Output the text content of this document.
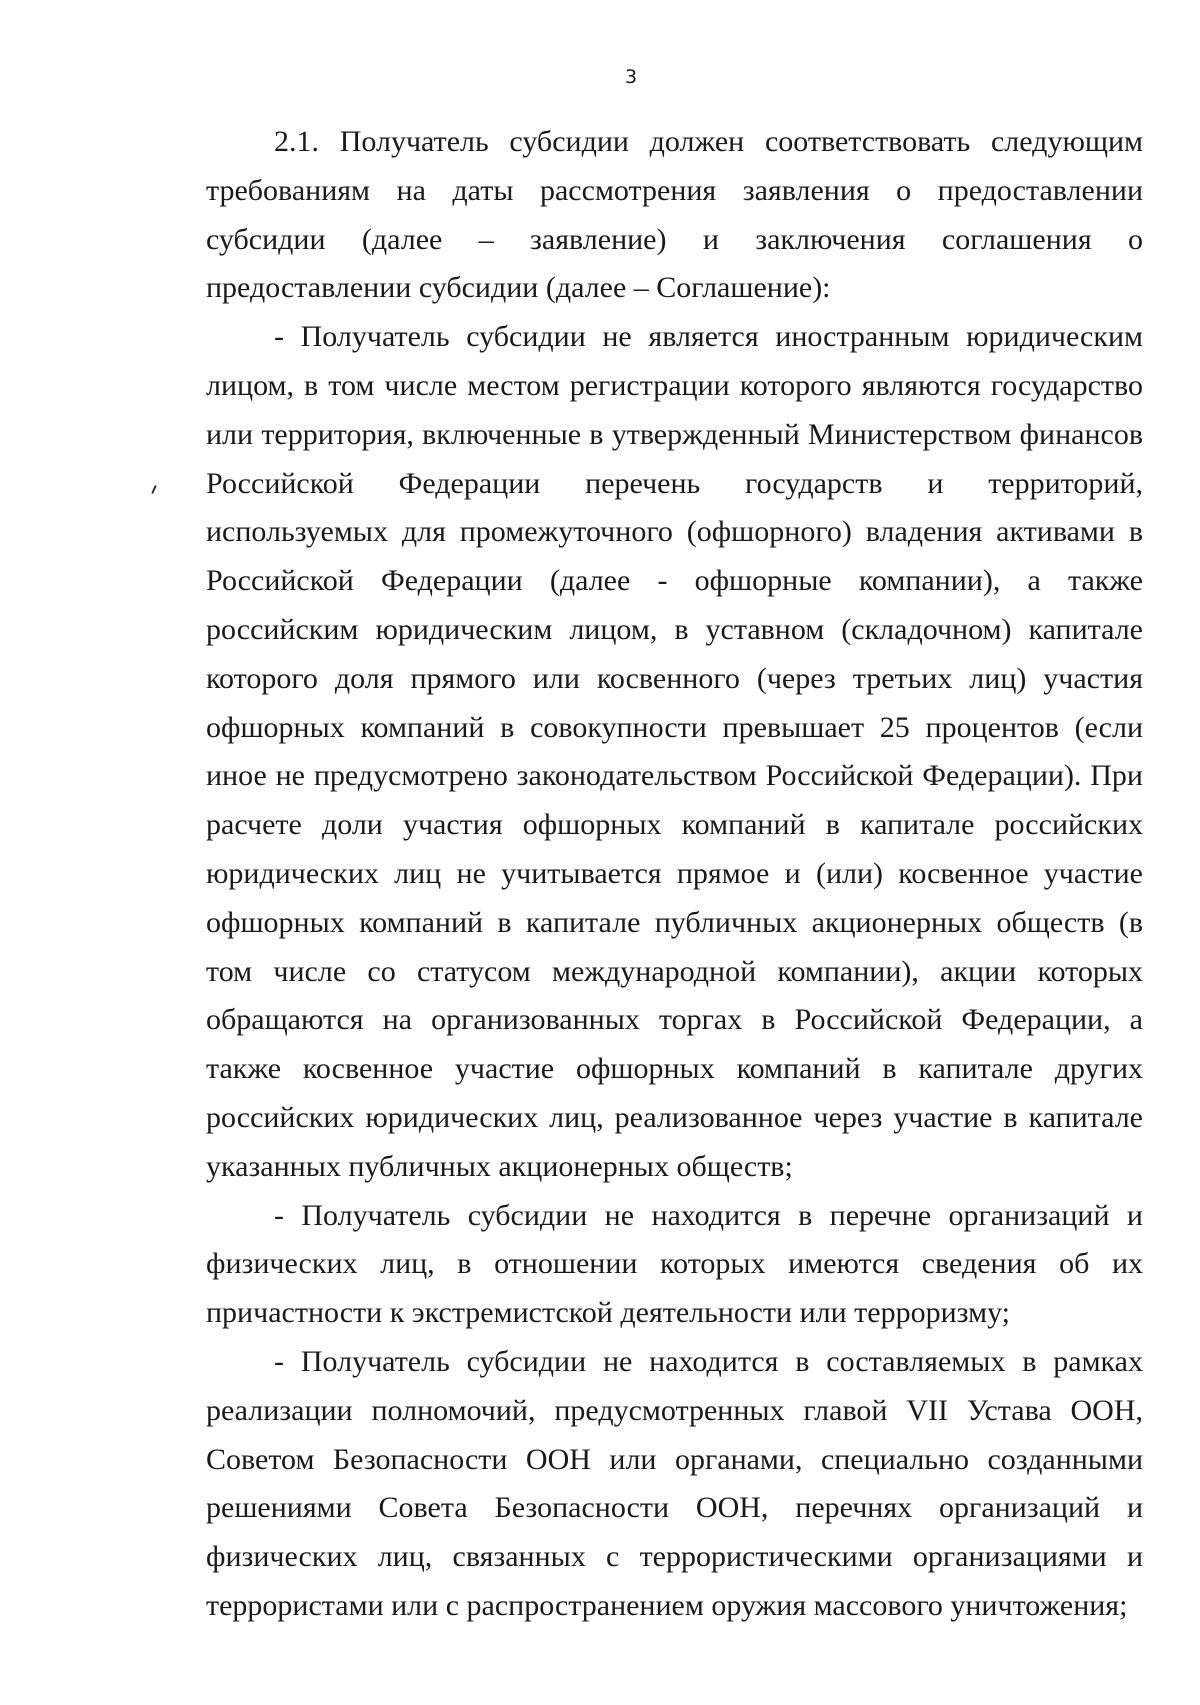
3

2.1. Получатель субсидии должен соответствовать следующим требованиям на даты рассмотрения заявления о предоставлении субсидии (далее – заявление) и заключения соглашения о предоставлении субсидии (далее – Соглашение):

- Получатель субсидии не является иностранным юридическим лицом, в том числе местом регистрации которого являются государство или территория, включенные в утвержденный Министерством финансов Российской Федерации перечень государств и территорий, используемых для промежуточного (офшорного) владения активами в Российской Федерации (далее - офшорные компании), а также российским юридическим лицом, в уставном (складочном) капитале которого доля прямого или косвенного (через третьих лиц) участия офшорных компаний в совокупности превышает 25 процентов (если иное не предусмотрено законодательством Российской Федерации). При расчете доли участия офшорных компаний в капитале российских юридических лиц не учитывается прямое и (или) косвенное участие офшорных компаний в капитале публичных акционерных обществ (в том числе со статусом международной компании), акции которых обращаются на организованных торгах в Российской Федерации, а также косвенное участие офшорных компаний в капитале других российских юридических лиц, реализованное через участие в капитале указанных публичных акционерных обществ;

- Получатель субсидии не находится в перечне организаций и физических лиц, в отношении которых имеются сведения об их причастности к экстремистской деятельности или терроризму;

- Получатель субсидии не находится в составляемых в рамках реализации полномочий, предусмотренных главой VII Устава ООН, Советом Безопасности ООН или органами, специально созданными решениями Совета Безопасности ООН, перечнях организаций и физических лиц, связанных с террористическими организациями и террористами или с распространением оружия массового уничтожения;
